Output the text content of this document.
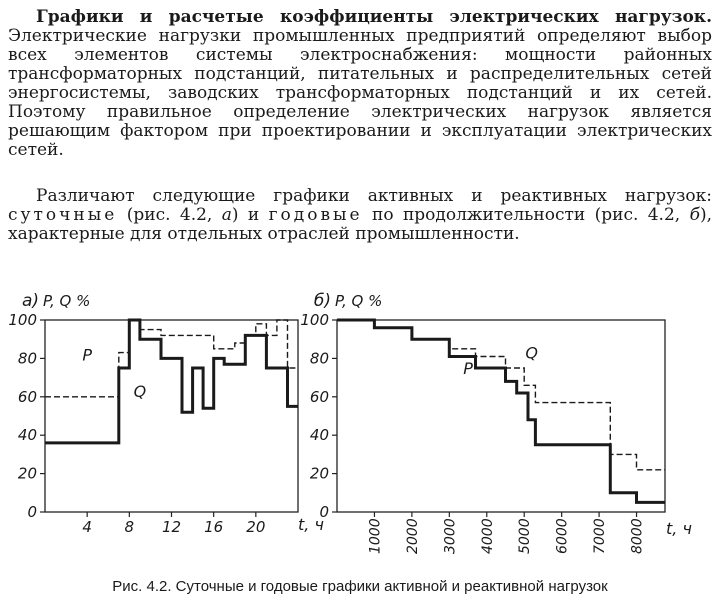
Графики и расчетые коэффициенты электрических нагрузок. Электрические нагрузки промышленных предприятий определяют выбор всех элементов системы электроснабжения: мощности районных трансформаторных подстанций, питательных и распределительных сетей энергосистемы, заводских трансформаторных подстанций и их сетей. Поэтому правильное определение электрических нагрузок является решающим фактором при проектировании и эксплуатации электрических сетей.

Различают следующие графики активных и реактивных нагрузок: суточные (рис. 4.2, а) и годовые по продолжительности (рис. 4.2, б), характерные для отдельных отраслей промышленности.

а) P, Q %
0
20
40
60
80
100
4 8 12 16 20 t, ч
P
Q
б) P, Q %
0
20
40
60
80
100
1000 2000 3000 4000 5000 6000 7000 8000 t, ч
P
Q
Рис. 4.2. Суточные и годовые графики активной и реактивной нагрузок
